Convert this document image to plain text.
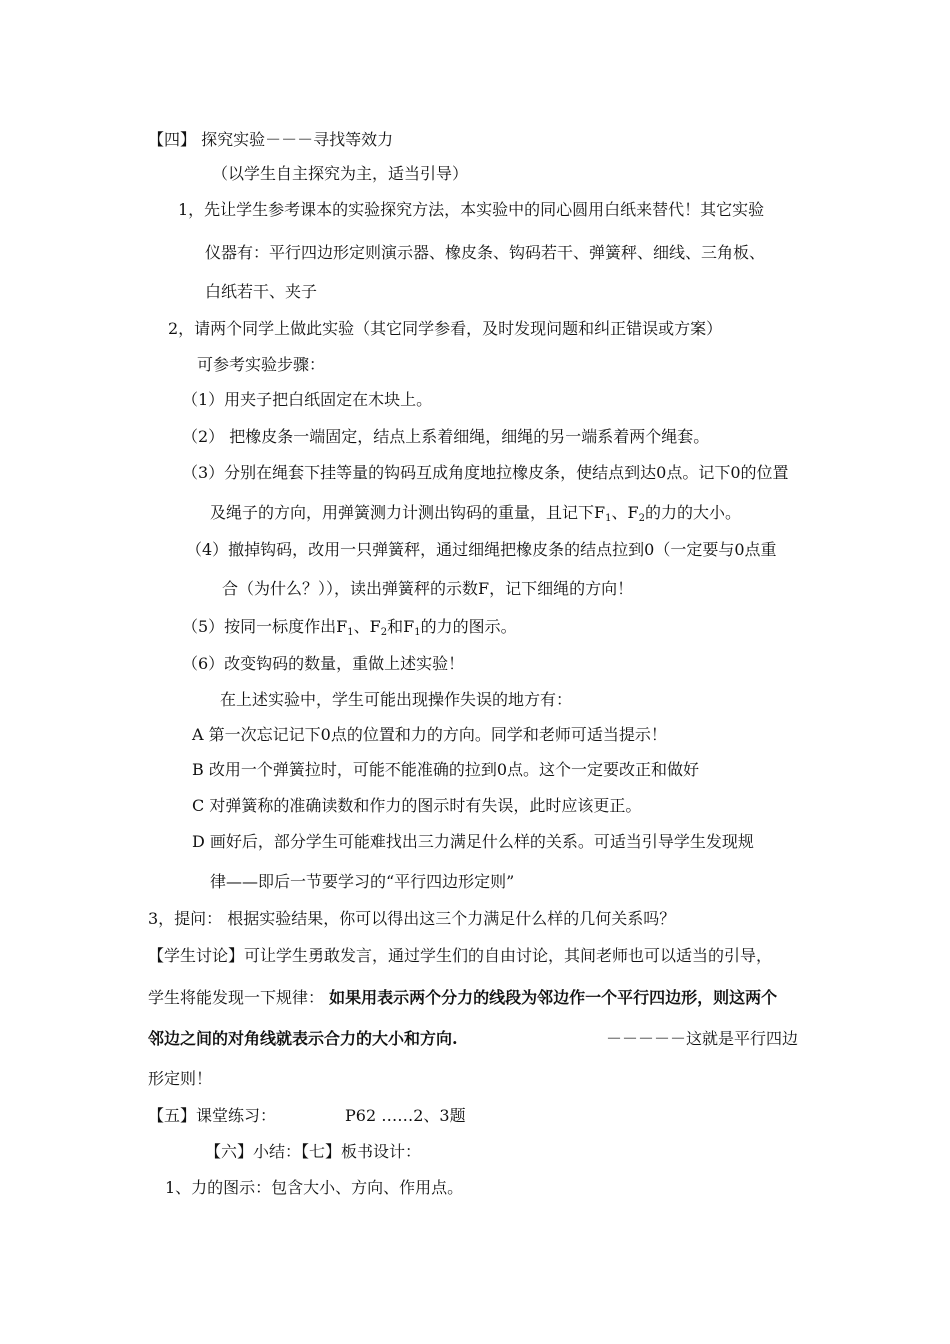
【四】 探究实验－－－寻找等效力
（以学生自主探究为主，适当引导）
1，先让学生参考课本的实验探究方法，本实验中的同心圆用白纸来替代！其它实验
仪器有：平行四边形定则演示器、橡皮条、钩码若干、弹簧秤、细线、三角板、
白纸若干、夹子
2，请两个同学上做此实验（其它同学参看，及时发现问题和纠正错误或方案）
可参考实验步骤：
（1）用夹子把白纸固定在木块上。
（2） 把橡皮条一端固定，结点上系着细绳，细绳的另一端系着两个绳套。
（3）分别在绳套下挂等量的钩码互成角度地拉橡皮条，使结点到达0点。记下0的位置
及绳子的方向，用弹簧测力计测出钩码的重量，且记下$F_1$、$F_2$的力的大小。
（4）撤掉钩码，改用一只弹簧秤，通过细绳把橡皮条的结点拉到0（一定要与0点重
合（为什么？）），读出弹簧秤的示数F，记下细绳的方向！
（5）按同一标度作出$F_1$、$F_2$和$F_1$的力的图示。
（6）改变钩码的数量，重做上述实验！
在上述实验中，学生可能出现操作失误的地方有：
A 第一次忘记记下0点的位置和力的方向。同学和老师可适当提示！
B 改用一个弹簧拉时，可能不能准确的拉到0点。这个一定要改正和做好
C 对弹簧称的准确读数和作力的图示时有失误，此时应该更正。
D 画好后，部分学生可能难找出三力满足什么样的关系。可适当引导学生发现规
律——即后一节要学习的“平行四边形定则”
3，提问： 根据实验结果，你可以得出这三个力满足什么样的几何关系吗？
【学生讨论】可让学生勇敢发言，通过学生们的自由讨论，其间老师也可以适当的引导，
学生将能发现一下规律： 如果用表示两个分力的线段为邻边作一个平行四边形，则这两个
邻边之间的对角线就表示合力的大小和方向.	－－－－－这就是平行四边
形定则！
【五】课堂练习：	P62 ……2、3题
【六】小结：【七】板书设计：
1、力的图示：包含大小、方向、作用点。
